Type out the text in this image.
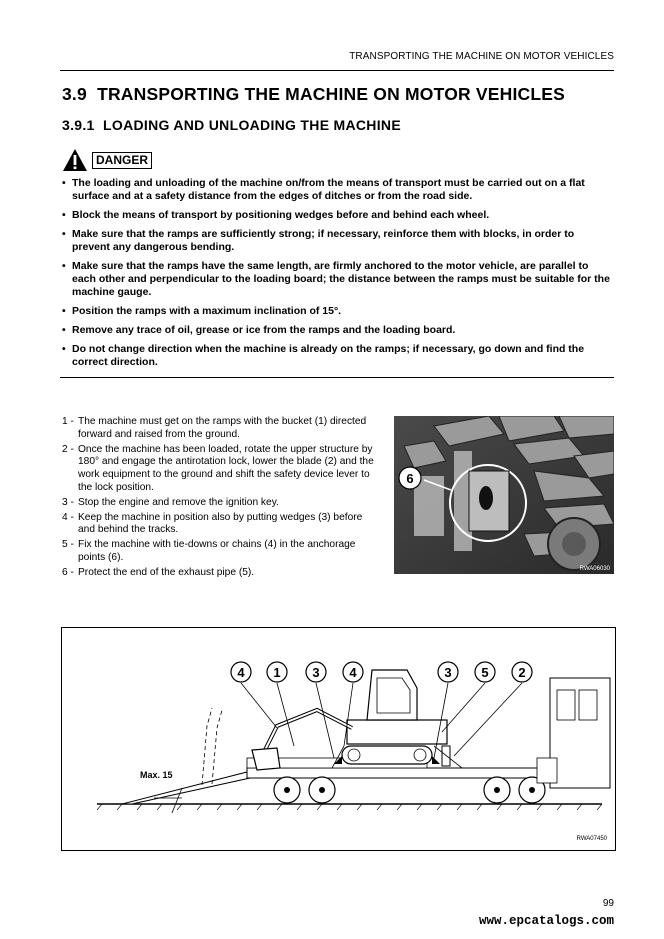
TRANSPORTING THE MACHINE ON MOTOR VEHICLES
3.9 TRANSPORTING THE MACHINE ON MOTOR VEHICLES
3.9.1 LOADING AND UNLOADING THE MACHINE
DANGER
• The loading and unloading of the machine on/from the means of transport must be carried out on a flat surface and at a safety distance from the edges of ditches or from the road side.
• Block the means of transport by positioning wedges before and behind each wheel.
• Make sure that the ramps are sufficiently strong; if necessary, reinforce them with blocks, in order to prevent any dangerous bending.
• Make sure that the ramps have the same length, are firmly anchored to the motor vehicle, are parallel to each other and perpendicular to the loading board; the distance between the ramps must be suitable for the machine gauge.
• Position the ramps with a maximum inclination of 15°.
• Remove any trace of oil, grease or ice from the ramps and the loading board.
• Do not change direction when the machine is already on the ramps; if necessary, go down and find the correct direction.
1 - The machine must get on the ramps with the bucket (1) directed forward and raised from the ground.
2 - Once the machine has been loaded, rotate the upper structure by 180° and engage the antirotation lock, lower the blade (2) and the work equipment to the ground and shift the safety device lever to the lock position.
3 - Stop the engine and remove the ignition key.
4 - Keep the machine in position also by putting wedges (3) before and behind the tracks.
5 - Fix the machine with tie-downs or chains (4) in the anchorage points (6).
6 - Protect the end of the exhaust pipe (5).
6
RWA06030
Max. 15
4 1 3 4	3 5 2
RWA07450
99
www.epcatalogs.com
